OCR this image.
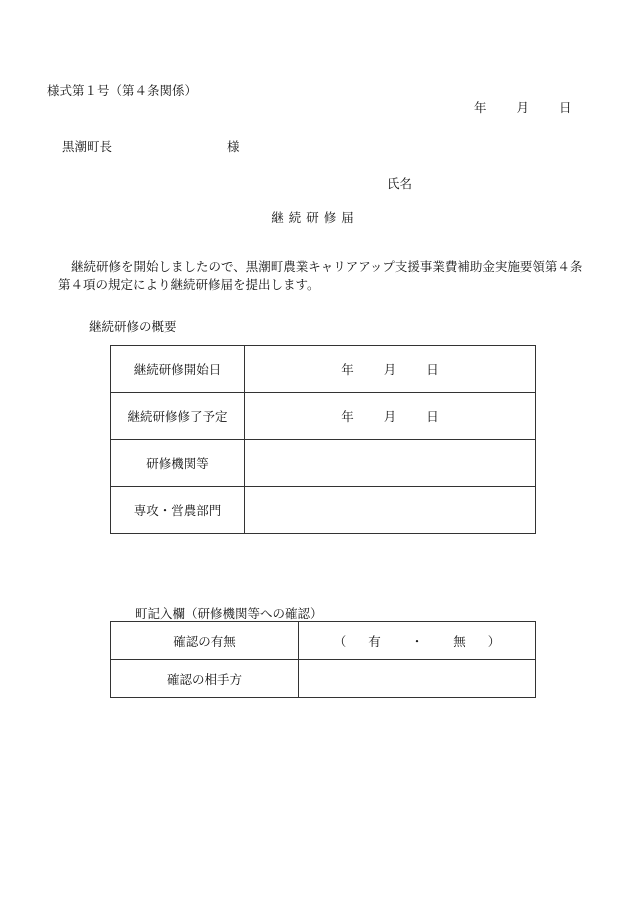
様式第１号（第４条関係）
年 月 日
黒潮町長	様
氏名
継続研修届
継続研修を開始しましたので、黒潮町農業キャリアアップ支援事業費補助金実施要領第４条第４項の規定により継続研修届を提出します。
継続研修の概要
継続研修開始日	年 月 日
継続研修修了予定	年 月 日
研修機関等	
専攻・営農部門	
町記入欄（研修機関等への確認）
確認の有無	（ 有 ・ 無 ）
確認の相手方	
